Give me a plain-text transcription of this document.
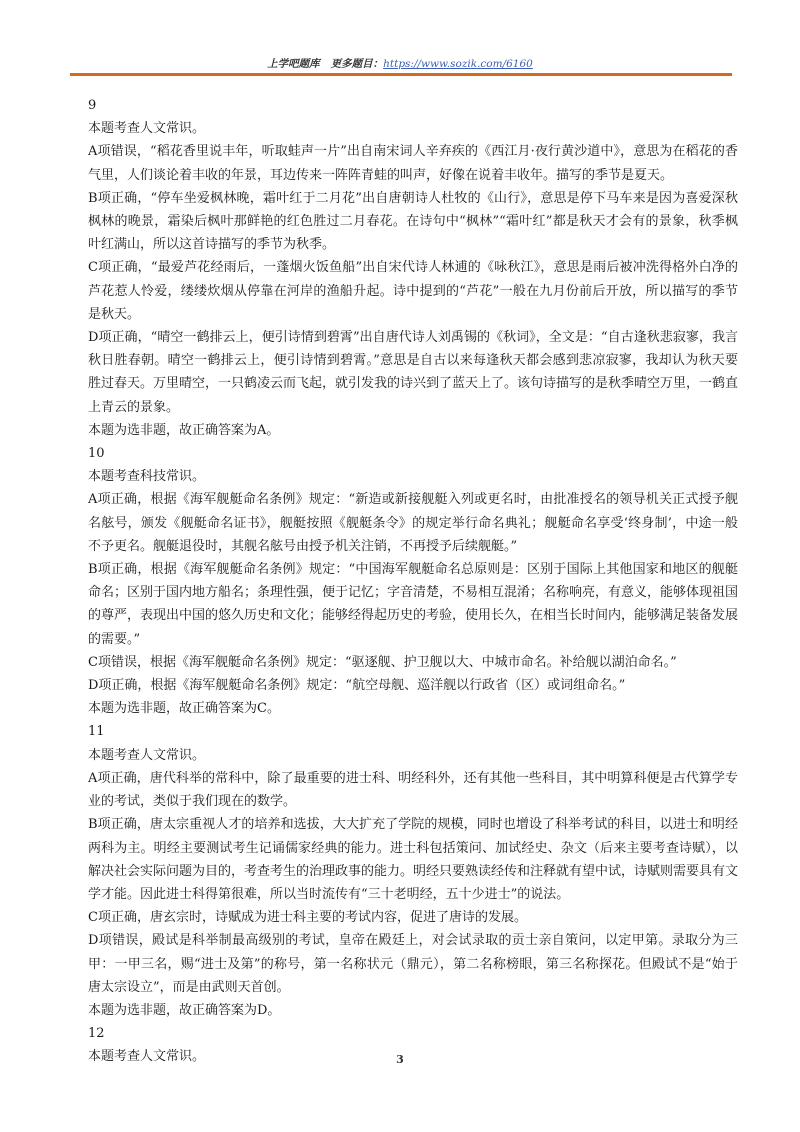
上学吧题库 更多题目：https://www.sozik.com/6160

9

本题考查人文常识。

A项错误，“稻花香里说丰年，听取蛙声一片”出自南宋词人辛弃疾的《西江月·夜行黄沙道中》，意思为在稻花的香气里，人们谈论着丰收的年景，耳边传来一阵阵青蛙的叫声，好像在说着丰收年。描写的季节是夏天。

B项正确，“停车坐爱枫林晚，霜叶红于二月花”出自唐朝诗人杜牧的《山行》，意思是停下马车来是因为喜爱深秋枫林的晚景，霜染后枫叶那鲜艳的红色胜过二月春花。在诗句中“枫林”“霜叶红”都是秋天才会有的景象，秋季枫叶红满山，所以这首诗描写的季节为秋季。

C项正确，“最爱芦花经雨后，一蓬烟火饭鱼船”出自宋代诗人林逋的《咏秋江》，意思是雨后被冲洗得格外白净的芦花惹人怜爱，缕缕炊烟从停靠在河岸的渔船升起。诗中提到的“芦花”一般在九月份前后开放，所以描写的季节是秋天。

D项正确，“晴空一鹤排云上，便引诗情到碧霄”出自唐代诗人刘禹锡的《秋词》，全文是：“自古逢秋悲寂寥，我言秋日胜春朝。晴空一鹤排云上，便引诗情到碧霄。”意思是自古以来每逢秋天都会感到悲凉寂寥，我却认为秋天要胜过春天。万里晴空，一只鹤凌云而飞起，就引发我的诗兴到了蓝天上了。该句诗描写的是秋季晴空万里，一鹤直上青云的景象。

本题为选非题，故正确答案为A。

10

本题考查科技常识。

A项正确，根据《海军舰艇命名条例》规定：“新造或新接舰艇入列或更名时，由批准授名的领导机关正式授予舰名舷号，颁发《舰艇命名证书》，舰艇按照《舰艇条令》的规定举行命名典礼；舰艇命名享受‘终身制’，中途一般不予更名。舰艇退役时，其舰名舷号由授予机关注销，不再授予后续舰艇。”

B项正确，根据《海军舰艇命名条例》规定：“中国海军舰艇命名总原则是：区别于国际上其他国家和地区的舰艇命名；区别于国内地方船名；条理性强，便于记忆；字音清楚，不易相互混淆；名称响亮，有意义，能够体现祖国的尊严，表现出中国的悠久历史和文化；能够经得起历史的考验，使用长久，在相当长时间内，能够满足装备发展的需要。”

C项错误，根据《海军舰艇命名条例》规定：“驱逐舰、护卫舰以大、中城市命名。补给舰以湖泊命名。”

D项正确，根据《海军舰艇命名条例》规定：“航空母舰、巡洋舰以行政省（区）或词组命名。”

本题为选非题，故正确答案为C。

11

本题考查人文常识。

A项正确，唐代科举的常科中，除了最重要的进士科、明经科外，还有其他一些科目，其中明算科便是古代算学专业的考试，类似于我们现在的数学。

B项正确，唐太宗重视人才的培养和选拔，大大扩充了学院的规模，同时也增设了科举考试的科目，以进士和明经两科为主。明经主要测试考生记诵儒家经典的能力。进士科包括策问、加试经史、杂文（后来主要考查诗赋），以解决社会实际问题为目的，考查考生的治理政事的能力。明经只要熟读经传和注释就有望中试，诗赋则需要具有文学才能。因此进士科得第很难，所以当时流传有“三十老明经，五十少进士”的说法。

C项正确，唐玄宗时，诗赋成为进士科主要的考试内容，促进了唐诗的发展。

D项错误，殿试是科举制最高级别的考试，皇帝在殿廷上，对会试录取的贡士亲自策问，以定甲第。录取分为三甲：一甲三名，赐“进士及第”的称号，第一名称状元（鼎元），第二名称榜眼，第三名称探花。但殿试不是“始于唐太宗设立”，而是由武则天首创。

本题为选非题，故正确答案为D。

12

本题考查人文常识。	3
